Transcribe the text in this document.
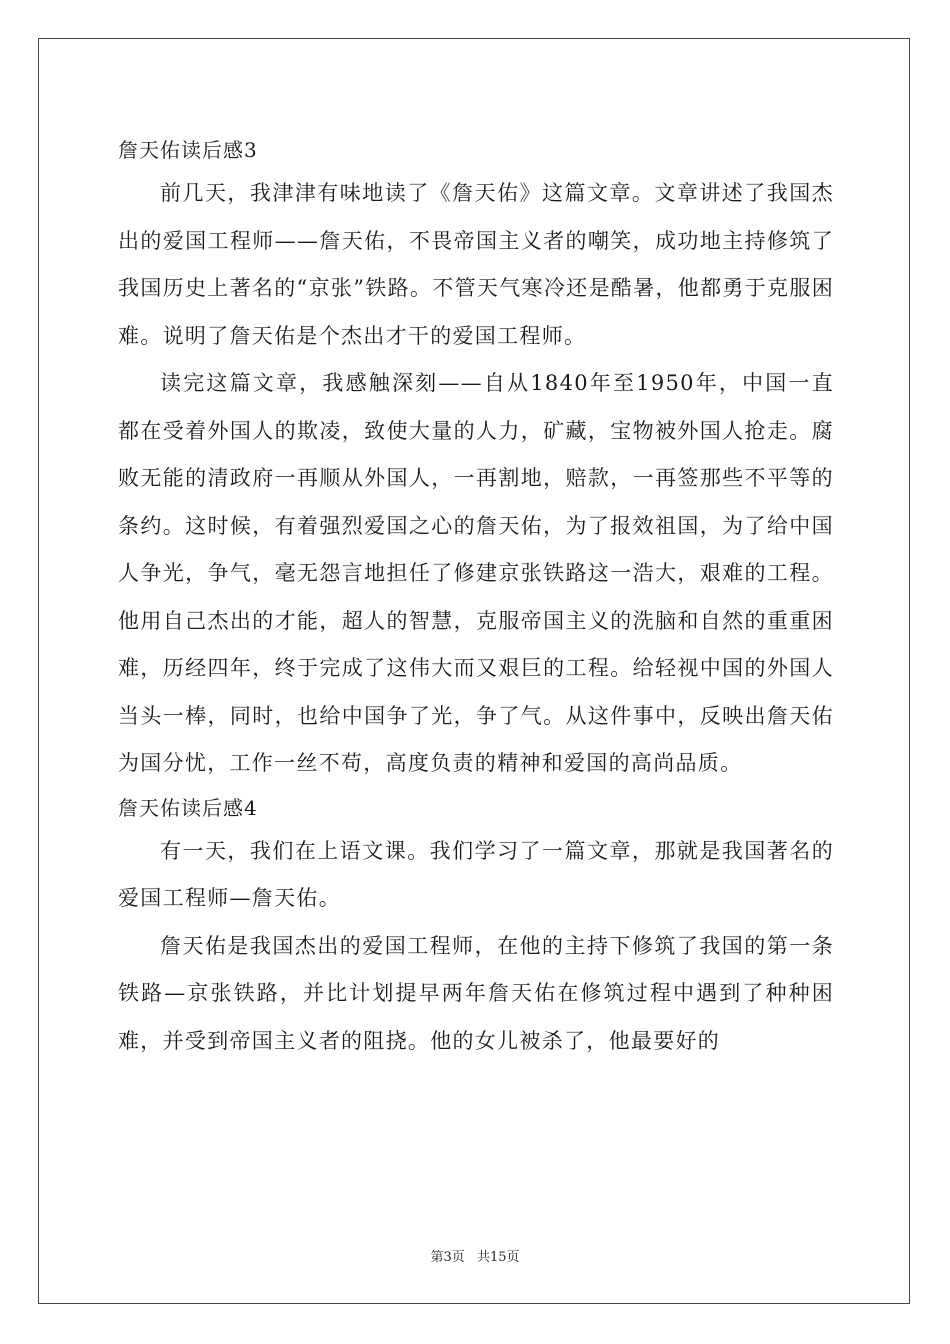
詹天佑读后感3

前几天，我津津有味地读了《詹天佑》这篇文章。文章讲述了我国杰出的爱国工程师——詹天佑，不畏帝国主义者的嘲笑，成功地主持修筑了我国历史上著名的“京张”铁路。不管天气寒冷还是酷暑，他都勇于克服困难。说明了詹天佑是个杰出才干的爱国工程师。

读完这篇文章，我感触深刻——自从1840年至1950年，中国一直都在受着外国人的欺凌，致使大量的人力，矿藏，宝物被外国人抢走。腐败无能的清政府一再顺从外国人，一再割地，赔款，一再签那些不平等的条约。这时候，有着强烈爱国之心的詹天佑，为了报效祖国，为了给中国人争光，争气，毫无怨言地担任了修建京张铁路这一浩大，艰难的工程。他用自己杰出的才能，超人的智慧，克服帝国主义的洗脑和自然的重重困难，历经四年，终于完成了这伟大而又艰巨的工程。给轻视中国的外国人当头一棒，同时，也给中国争了光，争了气。从这件事中，反映出詹天佑为国分忧，工作一丝不苟，高度负责的精神和爱国的高尚品质。

詹天佑读后感4

有一天，我们在上语文课。我们学习了一篇文章，那就是我国著名的爱国工程师—詹天佑。

詹天佑是我国杰出的爱国工程师，在他的主持下修筑了我国的第一条铁路—京张铁路，并比计划提早两年詹天佑在修筑过程中遇到了种种困难，并受到帝国主义者的阻挠。他的女儿被杀了，他最要好的

第3页 共15页
